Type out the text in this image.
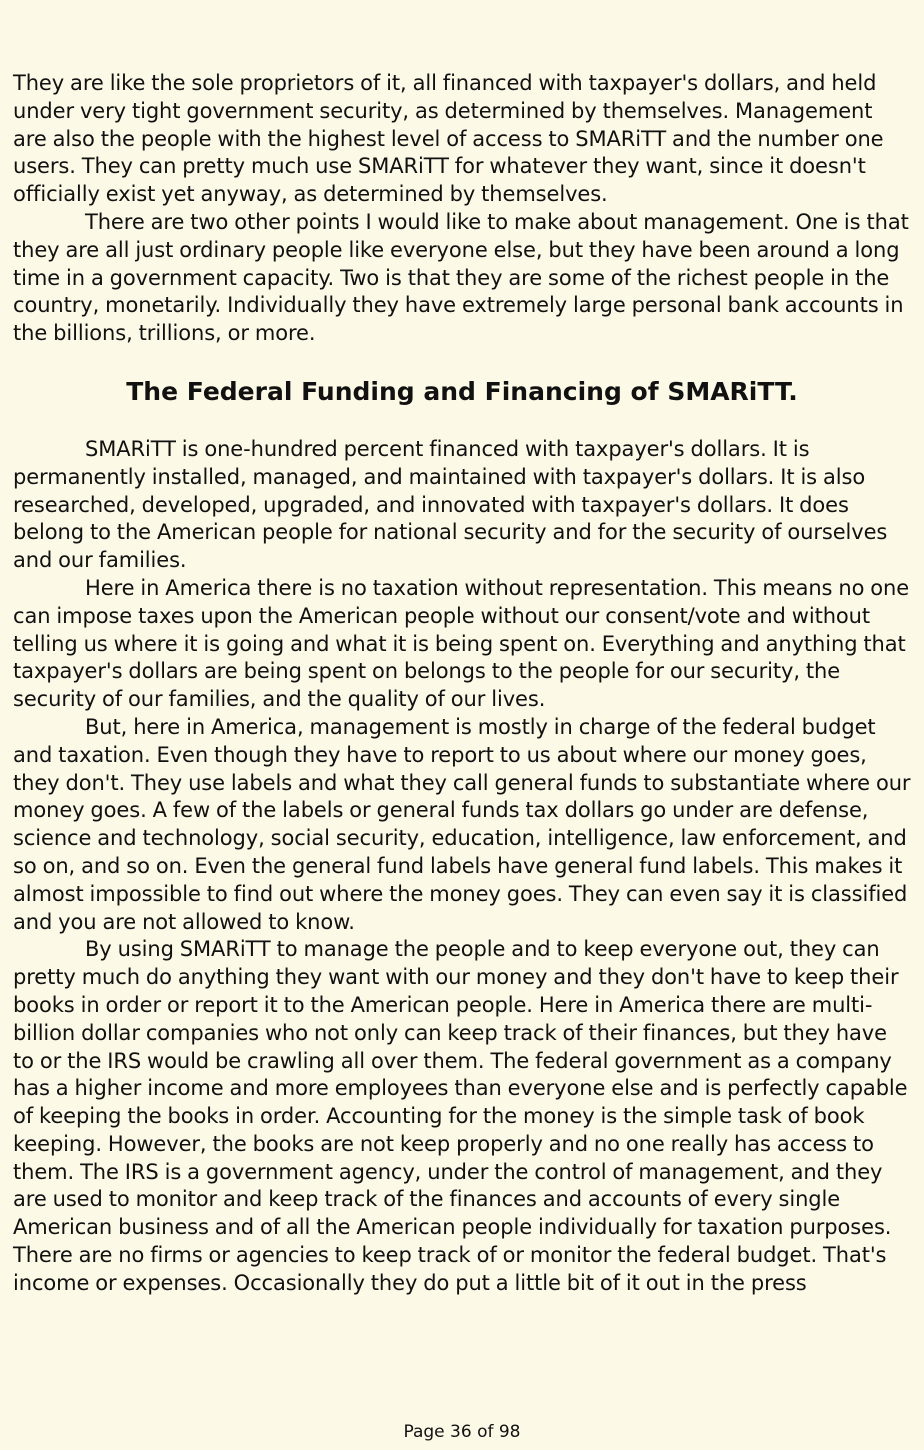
They are like the sole proprietors of it, all financed with taxpayer's dollars, and held under very tight government security, as determined by themselves. Management are also the people with the highest level of access to SMARiTT and the number one users. They can pretty much use SMARiTT for whatever they want, since it doesn't officially exist yet anyway, as determined by themselves.

There are two other points I would like to make about management. One is that they are all just ordinary people like everyone else, but they have been around a long time in a government capacity. Two is that they are some of the richest people in the country, monetarily. Individually they have extremely large personal bank accounts in the billions, trillions, or more.

The Federal Funding and Financing of SMARiTT.

SMARiTT is one-hundred percent financed with taxpayer's dollars. It is permanently installed, managed, and maintained with taxpayer's dollars. It is also researched, developed, upgraded, and innovated with taxpayer's dollars. It does belong to the American people for national security and for the security of ourselves and our families.

Here in America there is no taxation without representation. This means no one can impose taxes upon the American people without our consent/vote and without telling us where it is going and what it is being spent on. Everything and anything that taxpayer's dollars are being spent on belongs to the people for our security, the security of our families, and the quality of our lives.

But, here in America, management is mostly in charge of the federal budget and taxation. Even though they have to report to us about where our money goes, they don't. They use labels and what they call general funds to substantiate where our money goes. A few of the labels or general funds tax dollars go under are defense, science and technology, social security, education, intelligence, law enforcement, and so on, and so on. Even the general fund labels have general fund labels. This makes it almost impossible to find out where the money goes. They can even say it is classified and you are not allowed to know.

By using SMARiTT to manage the people and to keep everyone out, they can pretty much do anything they want with our money and they don't have to keep their books in order or report it to the American people. Here in America there are multi-billion dollar companies who not only can keep track of their finances, but they have to or the IRS would be crawling all over them. The federal government as a company has a higher income and more employees than everyone else and is perfectly capable of keeping the books in order. Accounting for the money is the simple task of book keeping. However, the books are not keep properly and no one really has access to them. The IRS is a government agency, under the control of management, and they are used to monitor and keep track of the finances and accounts of every single American business and of all the American people individually for taxation purposes. There are no firms or agencies to keep track of or monitor the federal budget. That's income or expenses. Occasionally they do put a little bit of it out in the press

Page 36 of 98
